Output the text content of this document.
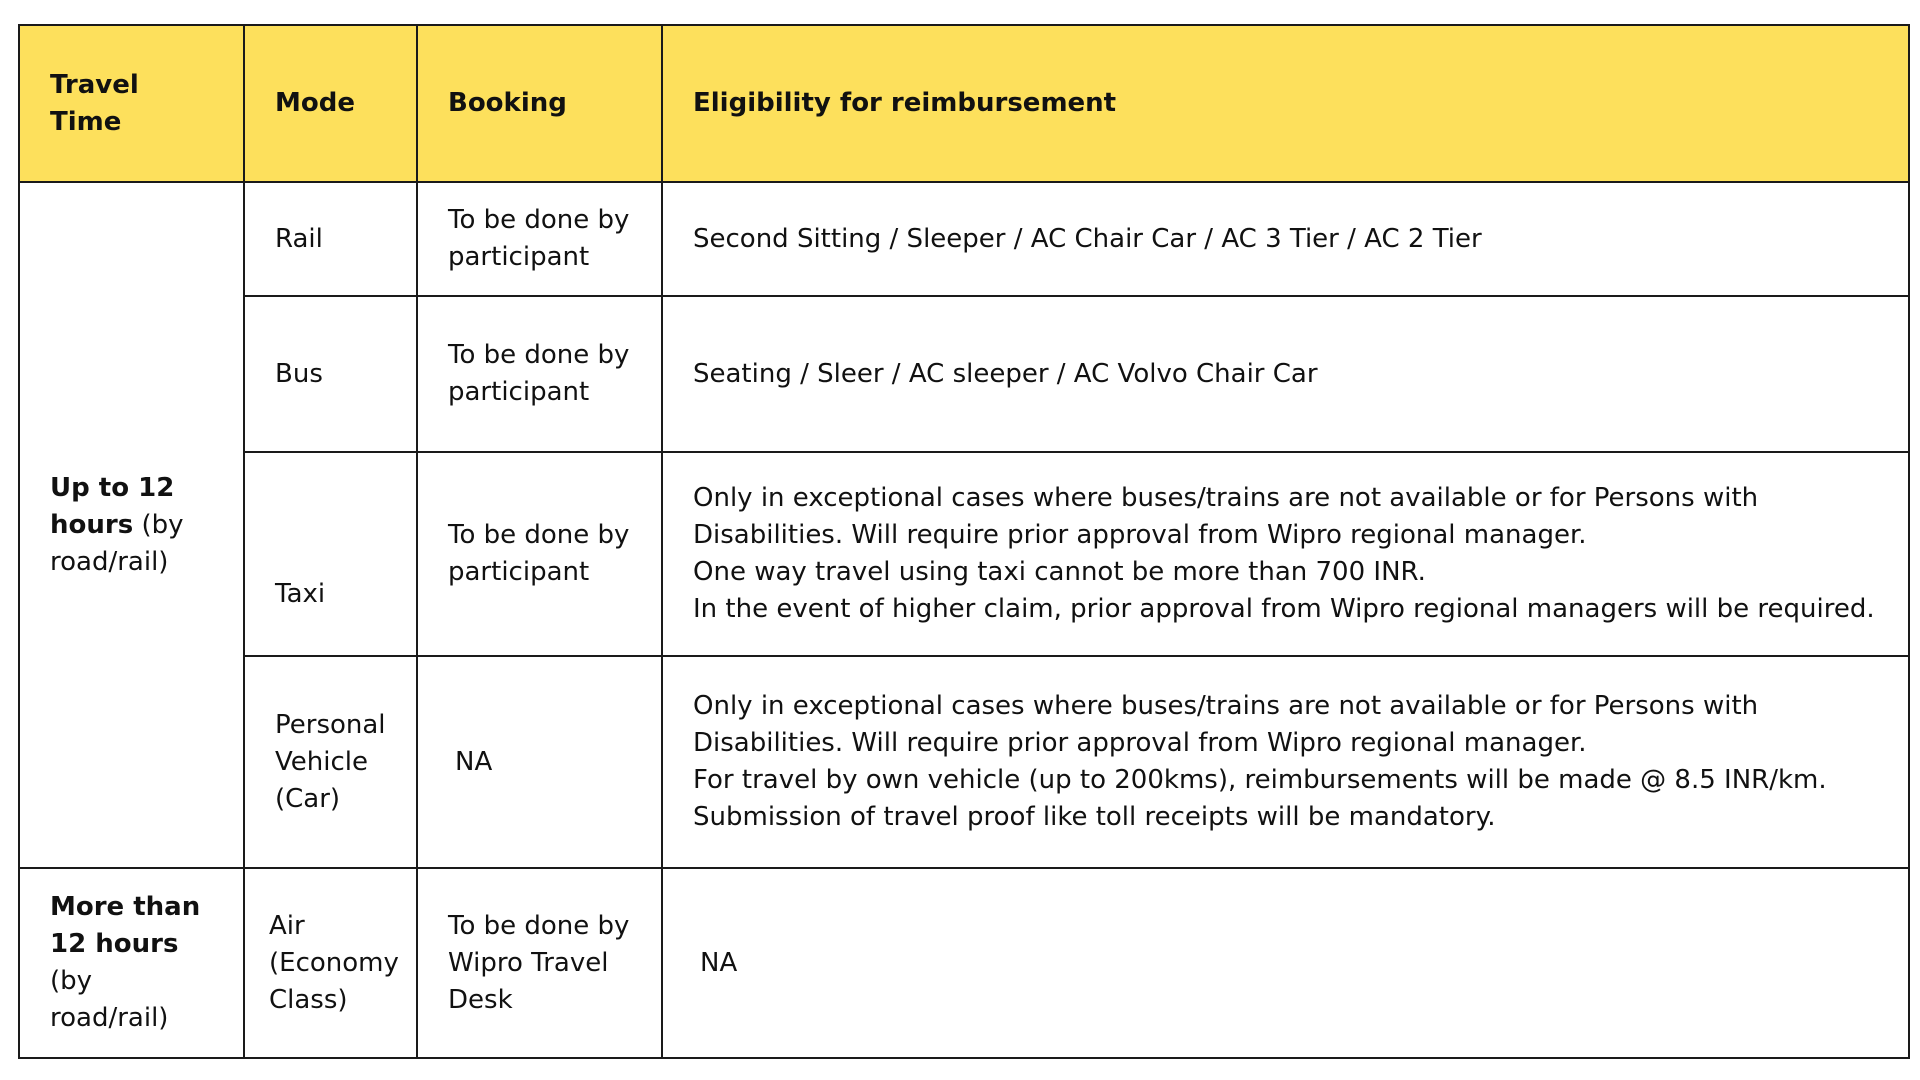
Travel Time	Mode	Booking	Eligibility for reimbursement
Up to 12 hours (by road/rail)	Rail	To be done by participant	Second Sitting / Sleeper / AC Chair Car / AC 3 Tier / AC 2 Tier

	Bus	To be done by participant	Seating / Sleer / AC sleeper / AC Volvo Chair Car

	Taxi	To be done by participant	Only in exceptional cases where buses/trains are not available or for Persons with Disabilities. Will require prior approval from Wipro regional manager.
One way travel using taxi cannot be more than 700 INR.
In the event of higher claim, prior approval from Wipro regional managers will be required.

	Personal Vehicle (Car)	NA	Only in exceptional cases where buses/trains are not available or for Persons with Disabilities. Will require prior approval from Wipro regional manager.
For travel by own vehicle (up to 200kms), reimbursements will be made @ 8.5 INR/km.
Submission of travel proof like toll receipts will be mandatory.

More than 12 hours (by road/rail)	Air (Economy Class)	To be done by Wipro Travel Desk	NA
